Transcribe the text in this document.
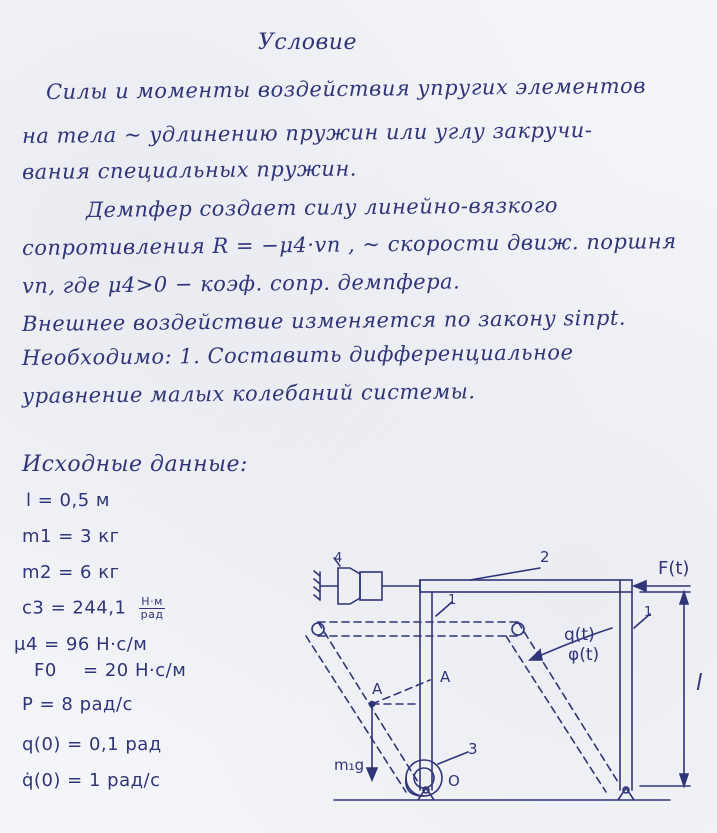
Условие
Силы и моменты воздействия упругих элементов
на тела ~ удлинению пружин или углу закручи-
вания специальных пружин.
Демпфер создает силу линейно-вязкого
сопротивления R = −μ4·vп , ~ скорости движ. поршня
vп, где μ4>0 − коэф. сопр. демпфера.
Внешнее воздействие изменяется по закону sinpt.
Необходимо: 1. Составить дифференциальное
уравнение малых колебаний системы.
Исходные данные:
l = 0,5 м
m1 = 3 кг
m2 = 6 кг
$c3 = 244,1 \frac{Н\cdot м}{\text{рад}}$
μ4 = 96 Н·с/м
F0 = 20 Н·с/м
P = 8 рад/с
q(0) = 0,1 рад
q̇(0) = 1 рад/с
4	2
F(t)
1
1
q(t)
φ(t)
l
A
A
m₁g
3
O
